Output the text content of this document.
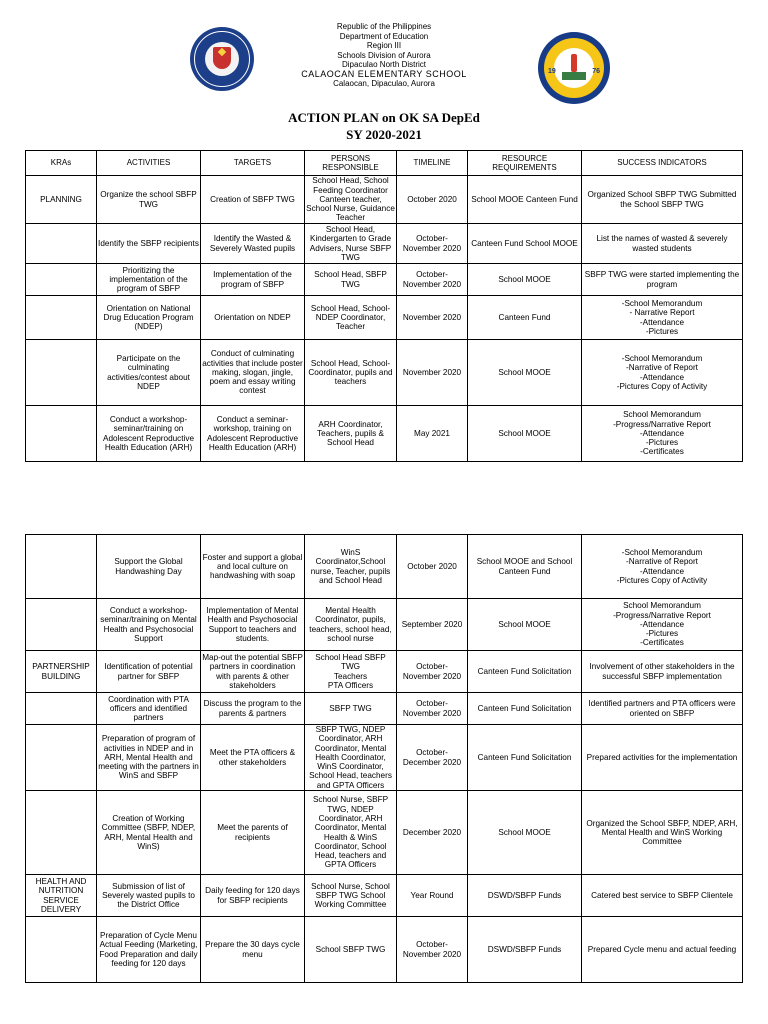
Republic of the Philippines
Department of Education
Region III
Schools Division of Aurora
Dipaculao North District
CALAOCAN ELEMENTARY SCHOOL
Calaocan, Dipaculao, Aurora
19	76
ACTION PLAN on OK SA DepEd
SY 2020-2021
KRAs	ACTIVITIES	TARGETS	PERSONS RESPONSIBLE	TIMELINE	RESOURCE REQUIREMENTS	SUCCESS INDICATORS
PLANNING	Organize the school SBFP TWG	Creation of SBFP TWG	School Head, School Feeding Coordinator Canteen teacher, School Nurse, Guidance Teacher	October 2020	School MOOE Canteen Fund	Organized School SBFP TWG Submitted the School SBFP TWG
	Identify the SBFP recipients	Identify the Wasted & Severely Wasted pupils	School Head, Kindergarten to Grade Advisers, Nurse SBFP TWG	October-November 2020	Canteen Fund School MOOE	List the names of wasted & severely wasted students
	Prioritizing the implementation of the program of SBFP	Implementation of the program of SBFP	School Head, SBFP TWG	October-November 2020	School MOOE	SBFP TWG were started implementing the program
	Orientation on National Drug Education Program (NDEP)	Orientation on NDEP	School Head, School-NDEP Coordinator, Teacher	November 2020	Canteen Fund	-School Memorandum
- Narrative Report
-Attendance
-Pictures
	Participate on the culminating activities/contest about NDEP	Conduct of culminating activities that include poster making, slogan, jingle, poem and essay writing contest	School Head, School-Coordinator, pupils and teachers	November 2020	School MOOE	-School Memorandum
-Narrative of Report
-Attendance
-Pictures Copy of Activity
	Conduct a workshop-seminar/training on Adolescent Reproductive Health Education (ARH)	Conduct a seminar-workshop, training on Adolescent Reproductive Health Education (ARH)	ARH Coordinator, Teachers, pupils & School Head	May 2021	School MOOE	School Memorandum
-Progress/Narrative Report
-Attendance
-Pictures
-Certificates
	Support the Global Handwashing Day	Foster and support a global and local culture on handwashing with soap	WinS Coordinator,School nurse, Teacher, pupils and School Head	October 2020	School MOOE and School Canteen Fund	-School Memorandum
-Narrative of Report
-Attendance
-Pictures Copy of Activity
	Conduct a workshop-seminar/training on Mental Health and Psychosocial Support	Implementation of Mental Health and Psychosocial Support to teachers and students.	Mental Health Coordinator, pupils, teachers, school head, school nurse	September 2020	School MOOE	School Memorandum
-Progress/Narrative Report
-Attendance
-Pictures
-Certificates
PARTNERSHIP BUILDING	Identification of potential partner for SBFP	Map-out the potential SBFP partners in coordination with parents & other stakeholders	School Head SBFP TWG
Teachers
PTA Officers	October-November 2020	Canteen Fund Solicitation	Involvement of other stakeholders in the successful SBFP implementation
	Coordination with PTA officers and identified partners	Discuss the program to the parents & partners	SBFP TWG	October-November 2020	Canteen Fund Solicitation	Identified partners and PTA officers were oriented on SBFP
	Preparation of program of activities in NDEP and in ARH, Mental Health and meeting with the partners in WinS and SBFP	Meet the PTA officers & other stakeholders	SBFP TWG, NDEP Coordinator, ARH Coordinator, Mental Health Coordinator, WinS Coordinator, School Head, teachers and GPTA Officers	October-December 2020	Canteen Fund Solicitation	Prepared activities for the implementation
	Creation of Working Committee (SBFP, NDEP, ARH, Mental Health and WinS)	Meet the parents of recipients	School Nurse, SBFP TWG, NDEP Coordinator, ARH Coordinator, Mental Health & WinS Coordinator, School Head, teachers and GPTA Officers	December 2020	School MOOE	Organized the School SBFP, NDEP, ARH, Mental Health and WinS Working Committee
HEALTH AND NUTRITION SERVICE DELIVERY	Submission of list of Severely wasted pupils to the District Office	Daily feeding for 120 days for SBFP recipients	School Nurse, School SBFP TWG School Working Committee	Year Round	DSWD/SBFP Funds	Catered best service to SBFP Clientele
	Preparation of Cycle Menu
Actual Feeding (Marketing, Food Preparation and daily feeding for 120 days	Prepare the 30 days cycle menu	School SBFP TWG	October-November 2020	DSWD/SBFP Funds	Prepared Cycle menu and actual feeding
